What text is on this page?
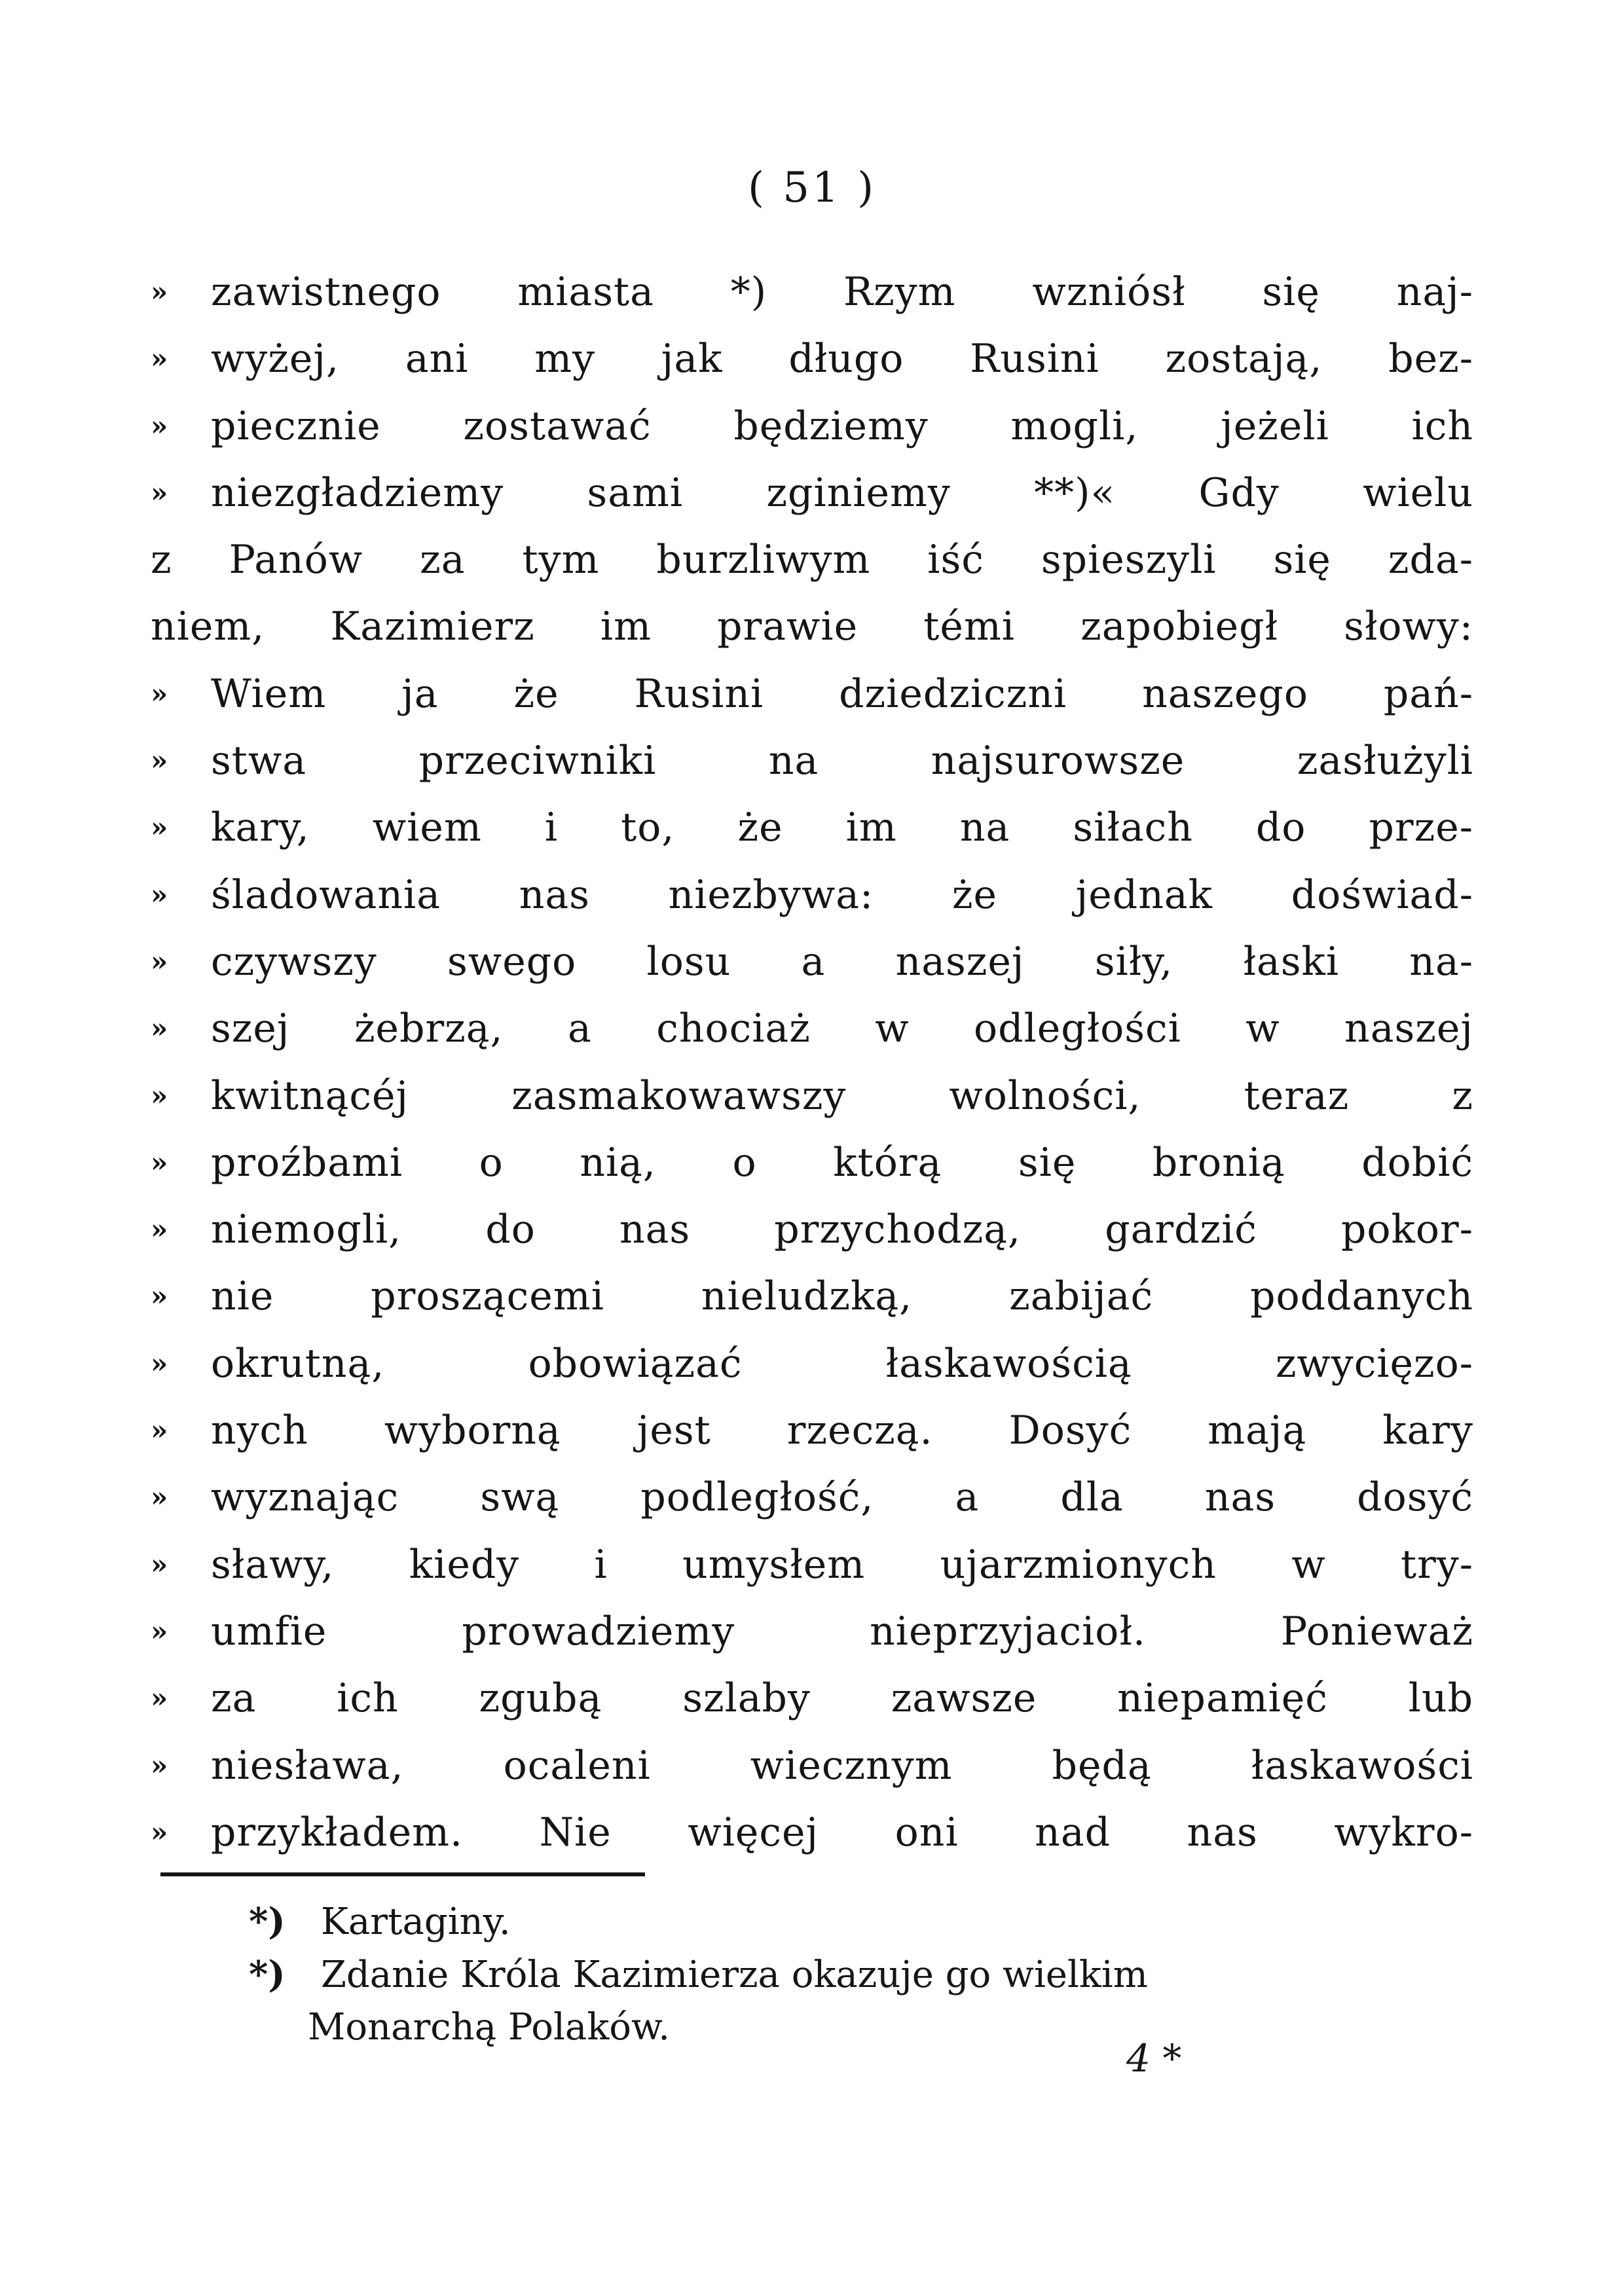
( 51 )
»	zawistnego miasta *) Rzym wzniósł się naj-
»	wyżej, ani my jak długo Rusini zostają, bez-
»	piecznie zostawać będziemy mogli, jeżeli ich
»	niezgładziemy sami zginiemy **)« Gdy wielu
z Panów za tym burzliwym iść spieszyli się zda-
niem, Kazimierz im prawie témi zapobiegł słowy:
»	Wiem ja że Rusini dziedziczni naszego pań-
»	stwa przeciwniki na najsurowsze zasłużyli
»	kary, wiem i to, że im na siłach do prze-
»	śladowania nas niezbywa: że jednak doświad-
»	czywszy swego losu a naszej siły, łaski na-
»	szej żebrzą, a chociaż w odległości w naszej
»	kwitnącéj zasmakowawszy wolności, teraz z
»	proźbami o nią, o którą się bronią dobić
»	niemogli, do nas przychodzą, gardzić pokor-
»	nie proszącemi nieludzką, zabijać poddanych
»	okrutną, obowiązać łaskawością zwycięzo-
»	nych wyborną jest rzeczą. Dosyć mają kary
»	wyznając swą podległość, a dla nas dosyć
»	sławy, kiedy i umysłem ujarzmionych w try-
»	umfie prowadziemy nieprzyjacioł. Ponieważ
»	za ich zgubą szlaby zawsze niepamięć lub
»	niesława, ocaleni wiecznym będą łaskawości
»	przykładem. Nie więcej oni nad nas wykro-
*) Kartaginy.
*) Zdanie Króla Kazimierza okazuje go wielkim
Monarchą Polaków.
4 *
